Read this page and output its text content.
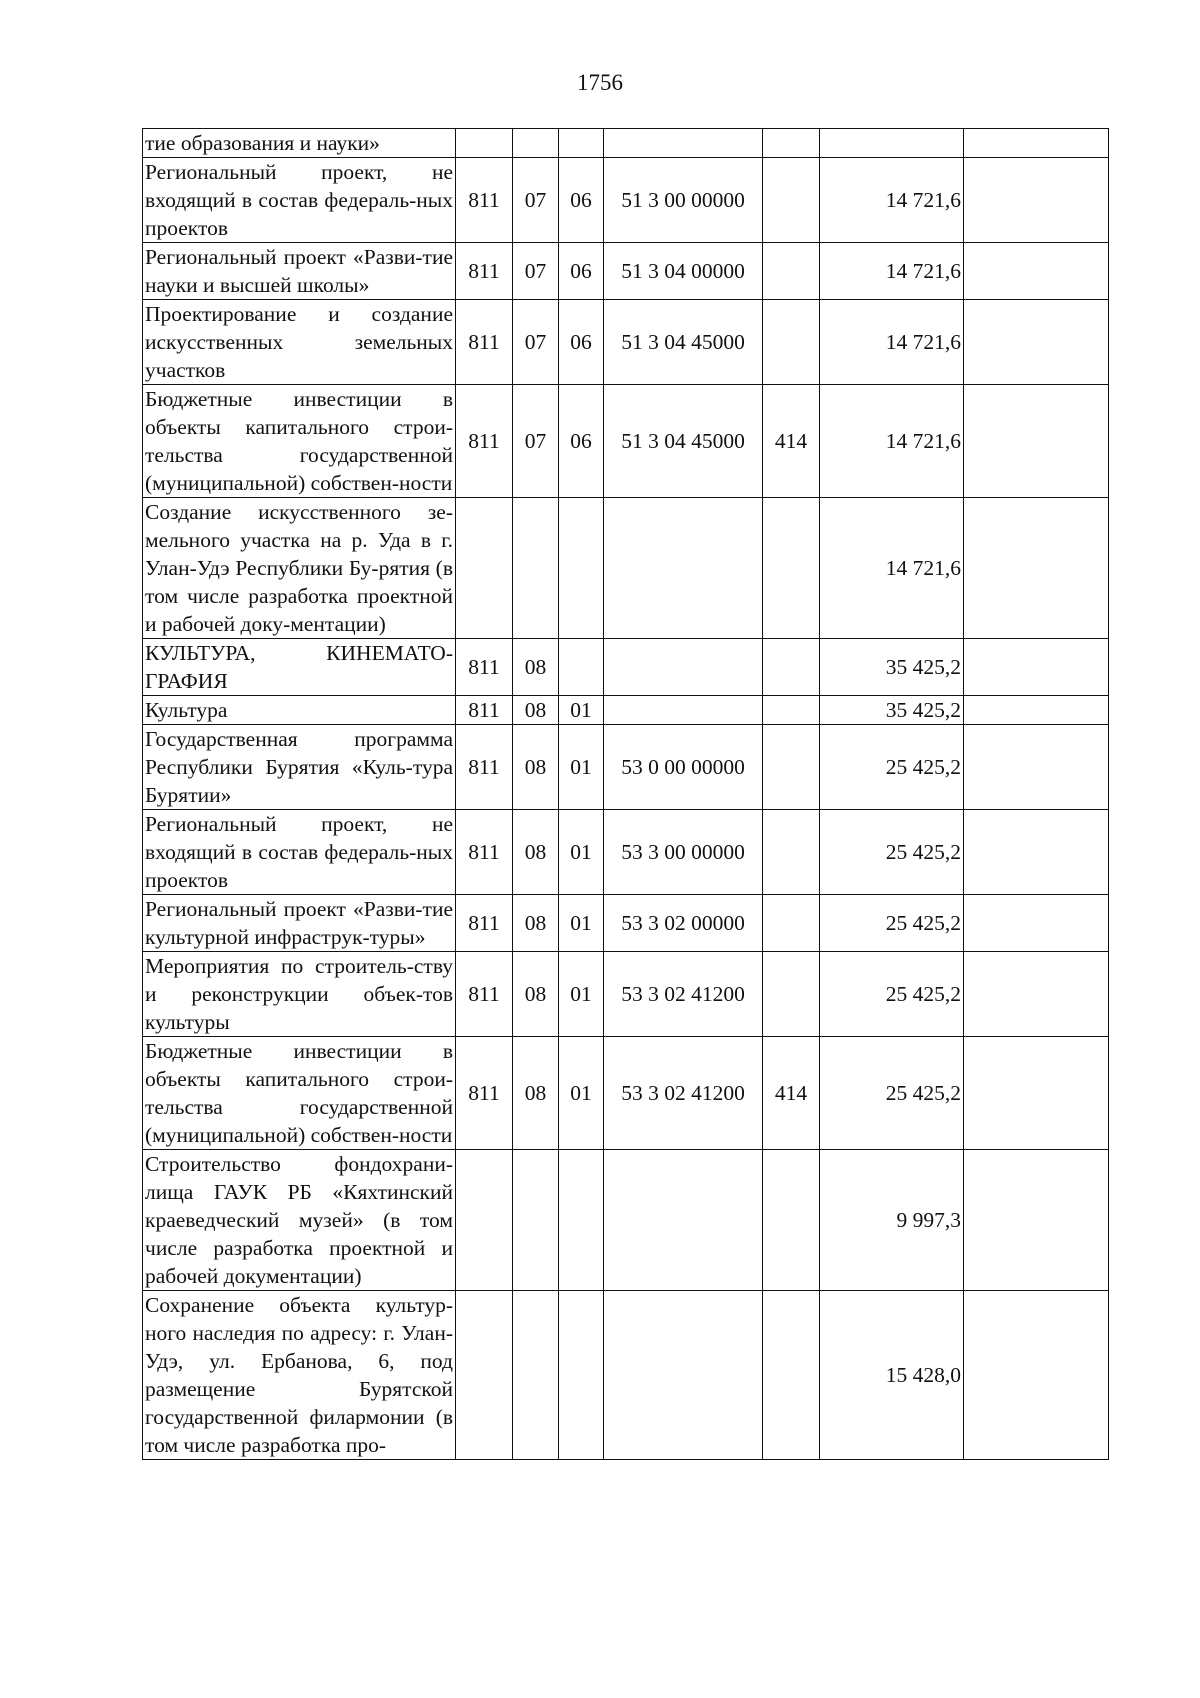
1756
тие образования и науки»							
Региональный проект, не входящий в состав федераль-ных проектов	811	07	06	51 3 00 00000		14 721,6	
Региональный проект «Разви-тие науки и высшей школы»	811	07	06	51 3 04 00000		14 721,6	
Проектирование и создание искусственных земельных участков	811	07	06	51 3 04 45000		14 721,6	
Бюджетные инвестиции в объекты капитального строи-тельства государственной (муниципальной) собствен-ности	811	07	06	51 3 04 45000	414	14 721,6	
Создание искусственного зе-мельного участка на р. Уда в г. Улан-Удэ Республики Бу-рятия (в том числе разработка проектной и рабочей доку-ментации)						14 721,6	
КУЛЬТУРА, КИНЕМАТО-ГРАФИЯ	811	08				35 425,2	
Культура	811	08	01			35 425,2	
Государственная программа Республики Бурятия «Куль-тура Бурятии»	811	08	01	53 0 00 00000		25 425,2	
Региональный проект, не входящий в состав федераль-ных проектов	811	08	01	53 3 00 00000		25 425,2	
Региональный проект «Разви-тие культурной инфраструк-туры»	811	08	01	53 3 02 00000		25 425,2	
Мероприятия по строитель-ству и реконструкции объек-тов культуры	811	08	01	53 3 02 41200		25 425,2	
Бюджетные инвестиции в объекты капитального строи-тельства государственной (муниципальной) собствен-ности	811	08	01	53 3 02 41200	414	25 425,2	
Строительство фондохрани-лища ГАУК РБ «Кяхтинский краеведческий музей» (в том числе разработка проектной и рабочей документации)						9 997,3	
Сохранение объекта культур-ного наследия по адресу: г. Улан-Удэ, ул. Ербанова, 6, под размещение Бурятской государственной филармонии (в том числе разработка про-						15 428,0	
